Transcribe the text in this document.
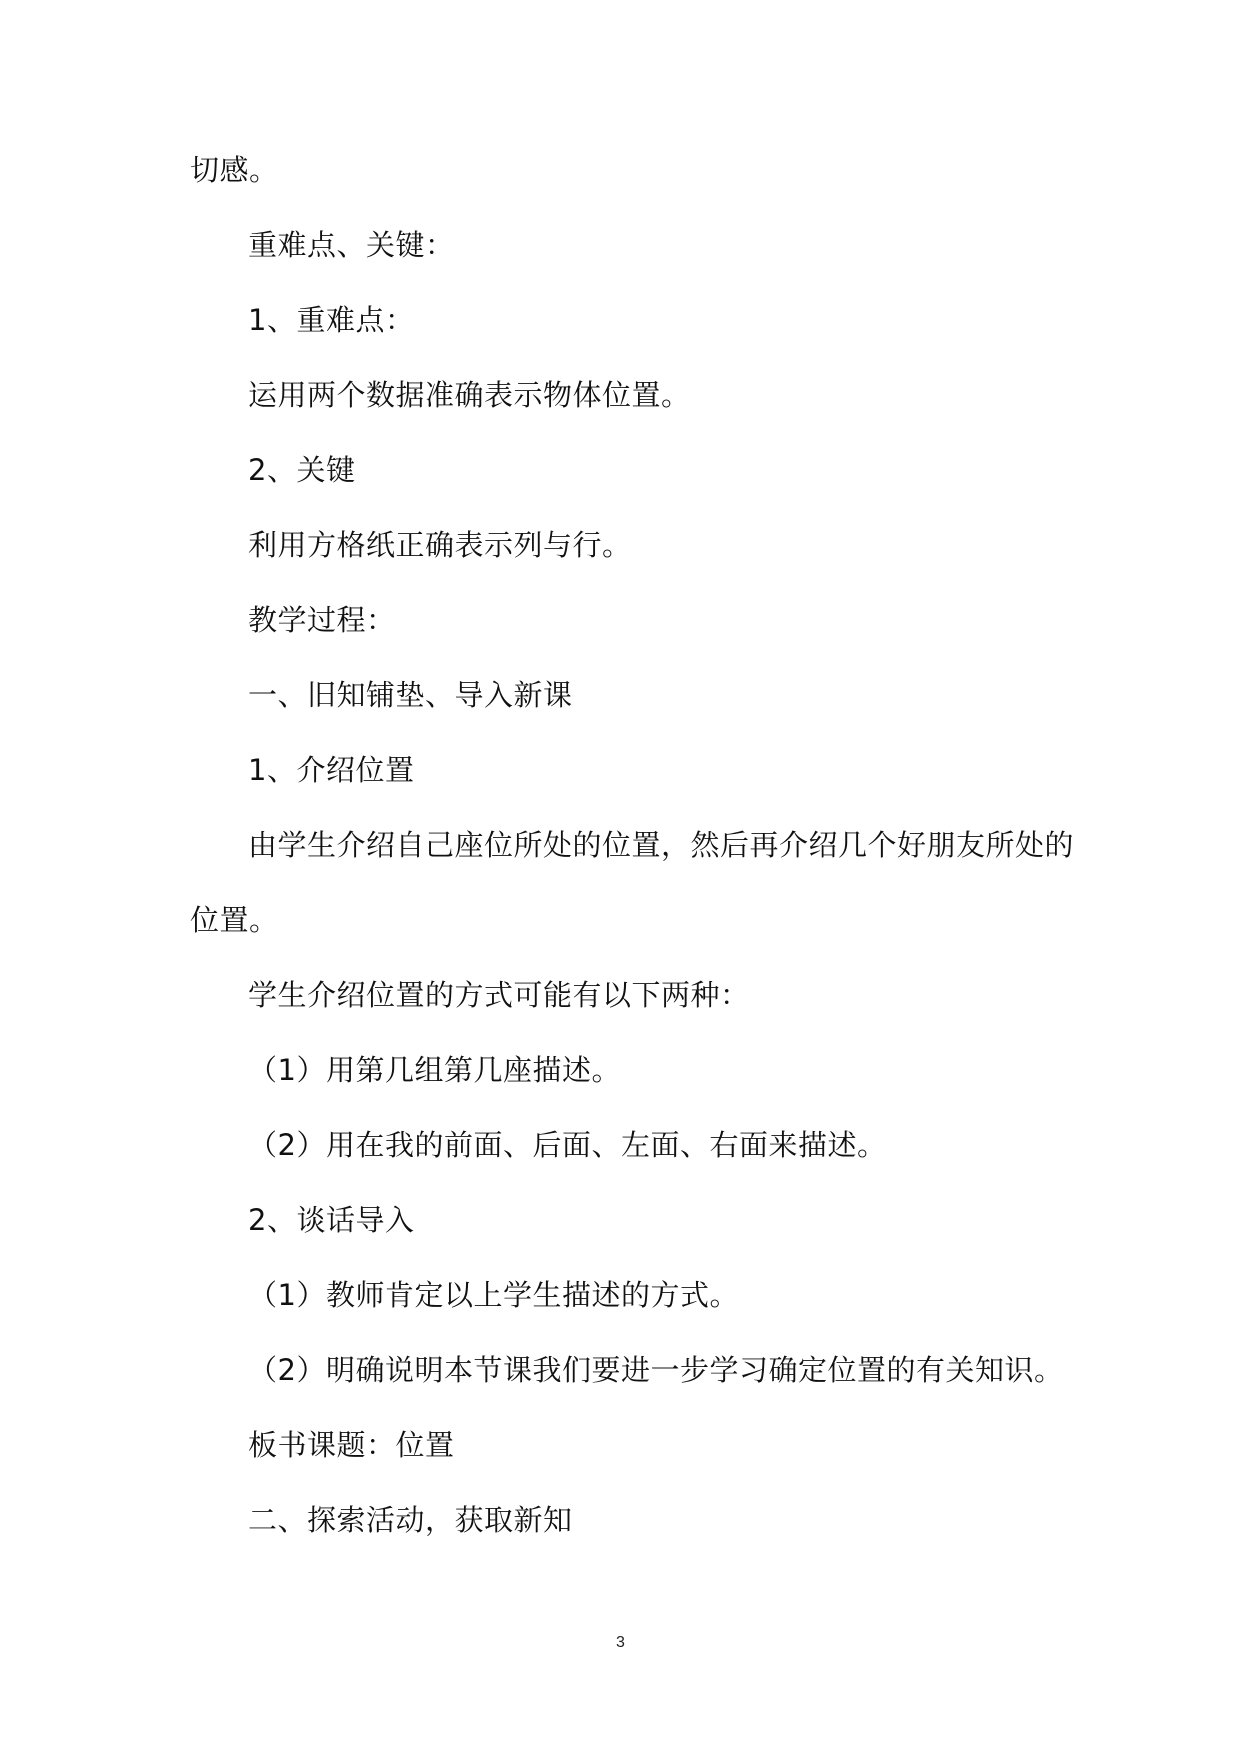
切感。
重难点、关键：
1、重难点：
运用两个数据准确表示物体位置。
2、关键
利用方格纸正确表示列与行。
教学过程：
一、旧知铺垫、导入新课
1、介绍位置
由学生介绍自己座位所处的位置，然后再介绍几个好朋友所处的
位置。
学生介绍位置的方式可能有以下两种：
（1）用第几组第几座描述。
（2）用在我的前面、后面、左面、右面来描述。
2、谈话导入
（1）教师肯定以上学生描述的方式。
（2）明确说明本节课我们要进一步学习确定位置的有关知识。
板书课题：位置
二、探索活动，获取新知
3
